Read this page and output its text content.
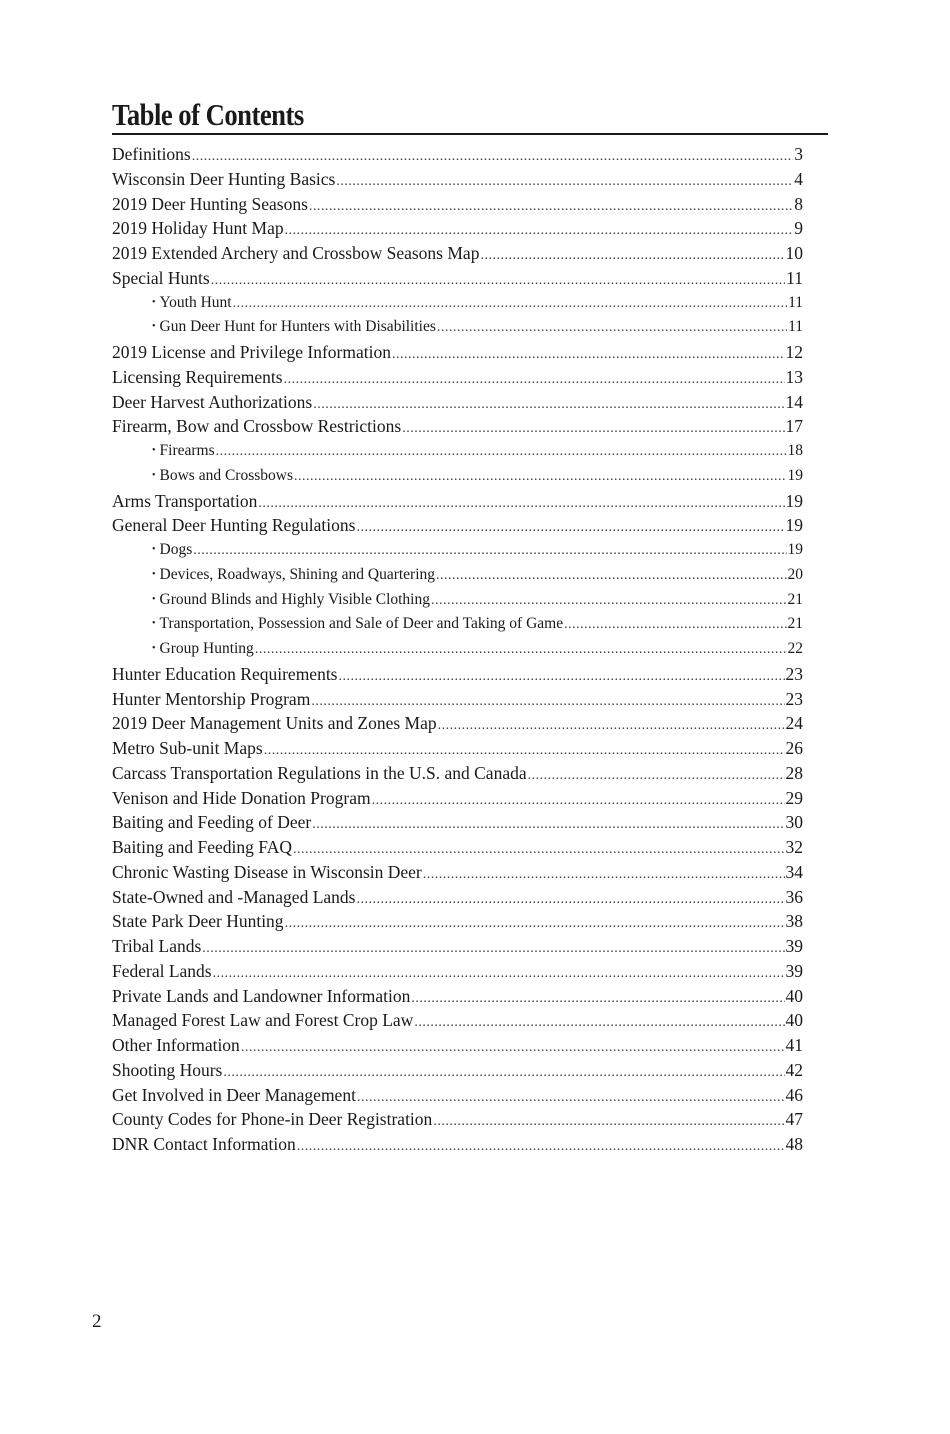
Table of Contents
Definitions .....	3
Wisconsin Deer Hunting Basics .....	4
2019 Deer Hunting Seasons .....	8
2019 Holiday Hunt Map .....	9
2019 Extended Archery and Crossbow Seasons Map .....	10
Special Hunts .....	11
• Youth Hunt .....	11
• Gun Deer Hunt for Hunters with Disabilities .....	11
2019 License and Privilege Information .....	12
Licensing Requirements .....	13
Deer Harvest Authorizations .....	14
Firearm, Bow and Crossbow Restrictions .....	17
• Firearms .....	18
• Bows and Crossbows .....	19
Arms Transportation .....	19
General Deer Hunting Regulations .....	19
• Dogs .....	19
• Devices, Roadways, Shining and Quartering .....	20
• Ground Blinds and Highly Visible Clothing .....	21
• Transportation, Possession and Sale of Deer and Taking of Game .....	21
• Group Hunting .....	22
Hunter Education Requirements .....	23
Hunter Mentorship Program .....	23
2019 Deer Management Units and Zones Map .....	24
Metro Sub-unit Maps .....	26
Carcass Transportation Regulations in the U.S. and Canada .....	28
Venison and Hide Donation Program .....	29
Baiting and Feeding of Deer .....	30
Baiting and Feeding FAQ .....	32
Chronic Wasting Disease in Wisconsin Deer .....	34
State-Owned and -Managed Lands .....	36
State Park Deer Hunting .....	38
Tribal Lands .....	39
Federal Lands .....	39
Private Lands and Landowner Information .....	40
Managed Forest Law and Forest Crop Law .....	40
Other Information .....	41
Shooting Hours .....	42
Get Involved in Deer Management .....	46
County Codes for Phone-in Deer Registration .....	47
DNR Contact Information .....	48
2
